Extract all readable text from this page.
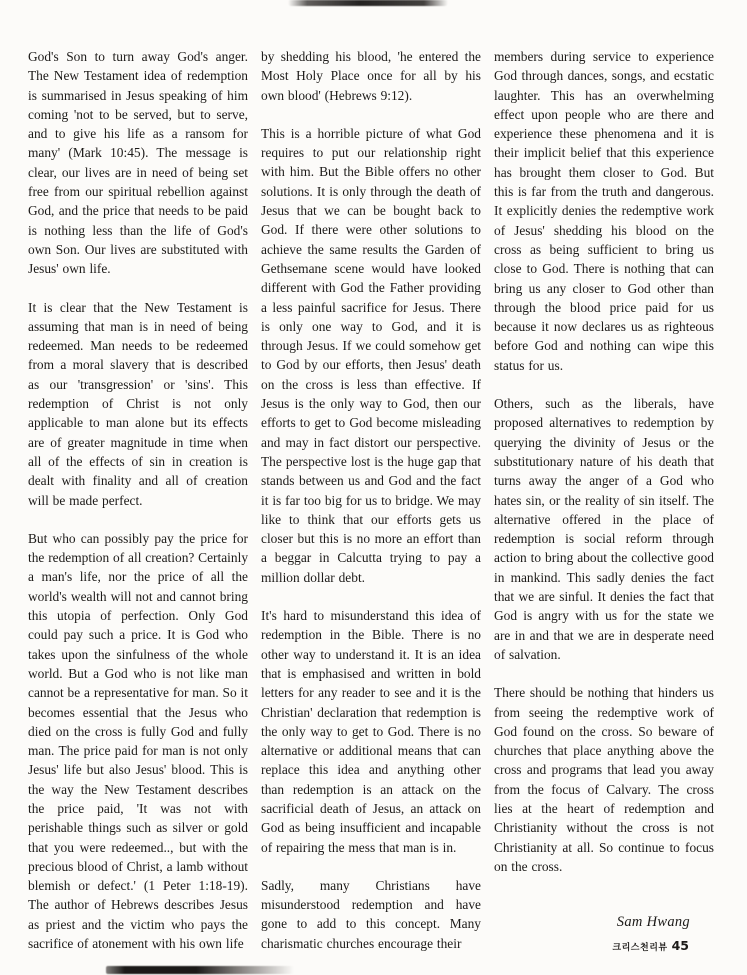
God's Son to turn away God's anger. The New Testament idea of redemption is summarised in Jesus speaking of him coming 'not to be served, but to serve, and to give his life as a ransom for many' (Mark 10:45). The message is clear, our lives are in need of being set free from our spiritual rebellion against God, and the price that needs to be paid is nothing less than the life of God's own Son. Our lives are substituted with Jesus' own life.

It is clear that the New Testament is assuming that man is in need of being redeemed. Man needs to be redeemed from a moral slavery that is described as our 'transgression' or 'sins'. This redemption of Christ is not only applicable to man alone but its effects are of greater magnitude in time when all of the effects of sin in creation is dealt with finality and all of creation will be made perfect.

But who can possibly pay the price for the redemption of all creation? Certainly a man's life, nor the price of all the world's wealth will not and cannot bring this utopia of perfection. Only God could pay such a price. It is God who takes upon the sinfulness of the whole world. But a God who is not like man cannot be a representative for man. So it becomes essential that the Jesus who died on the cross is fully God and fully man. The price paid for man is not only Jesus' life but also Jesus' blood. This is the way the New Testament describes the price paid, 'It was not with perishable things such as silver or gold that you were redeemed.., but with the precious blood of Christ, a lamb without blemish or defect.' (1 Peter 1:18-19). The author of Hebrews describes Jesus as priest and the victim who pays the sacrifice of atonement with his own life

by shedding his blood, 'he entered the Most Holy Place once for all by his own blood' (Hebrews 9:12).

This is a horrible picture of what God requires to put our relationship right with him. But the Bible offers no other solutions. It is only through the death of Jesus that we can be bought back to God. If there were other solutions to achieve the same results the Garden of Gethsemane scene would have looked different with God the Father providing a less painful sacrifice for Jesus. There is only one way to God, and it is through Jesus. If we could somehow get to God by our efforts, then Jesus' death on the cross is less than effective. If Jesus is the only way to God, then our efforts to get to God become misleading and may in fact distort our perspective. The perspective lost is the huge gap that stands between us and God and the fact it is far too big for us to bridge. We may like to think that our efforts gets us closer but this is no more an effort than a beggar in Calcutta trying to pay a million dollar debt.

It's hard to misunderstand this idea of redemption in the Bible. There is no other way to understand it. It is an idea that is emphasised and written in bold letters for any reader to see and it is the Christian' declaration that redemption is the only way to get to God. There is no alternative or additional means that can replace this idea and anything other than redemption is an attack on the sacrificial death of Jesus, an attack on God as being insufficient and incapable of repairing the mess that man is in.

Sadly, many Christians have misunderstood redemption and have gone to add to this concept. Many charismatic churches encourage their

members during service to experience God through dances, songs, and ecstatic laughter. This has an overwhelming effect upon people who are there and experience these phenomena and it is their implicit belief that this experience has brought them closer to God. But this is far from the truth and dangerous. It explicitly denies the redemptive work of Jesus' shedding his blood on the cross as being sufficient to bring us close to God. There is nothing that can bring us any closer to God other than through the blood price paid for us because it now declares us as righteous before God and nothing can wipe this status for us.

Others, such as the liberals, have proposed alternatives to redemption by querying the divinity of Jesus or the substitutionary nature of his death that turns away the anger of a God who hates sin, or the reality of sin itself. The alternative offered in the place of redemption is social reform through action to bring about the collective good in mankind. This sadly denies the fact that we are sinful. It denies the fact that God is angry with us for the state we are in and that we are in desperate need of salvation.

There should be nothing that hinders us from seeing the redemptive work of God found on the cross. So beware of churches that place anything above the cross and programs that lead you away from the focus of Calvary. The cross lies at the heart of redemption and Christianity without the cross is not Christianity at all. So continue to focus on the cross.

Sam Hwang
크리스천리뷰 45
